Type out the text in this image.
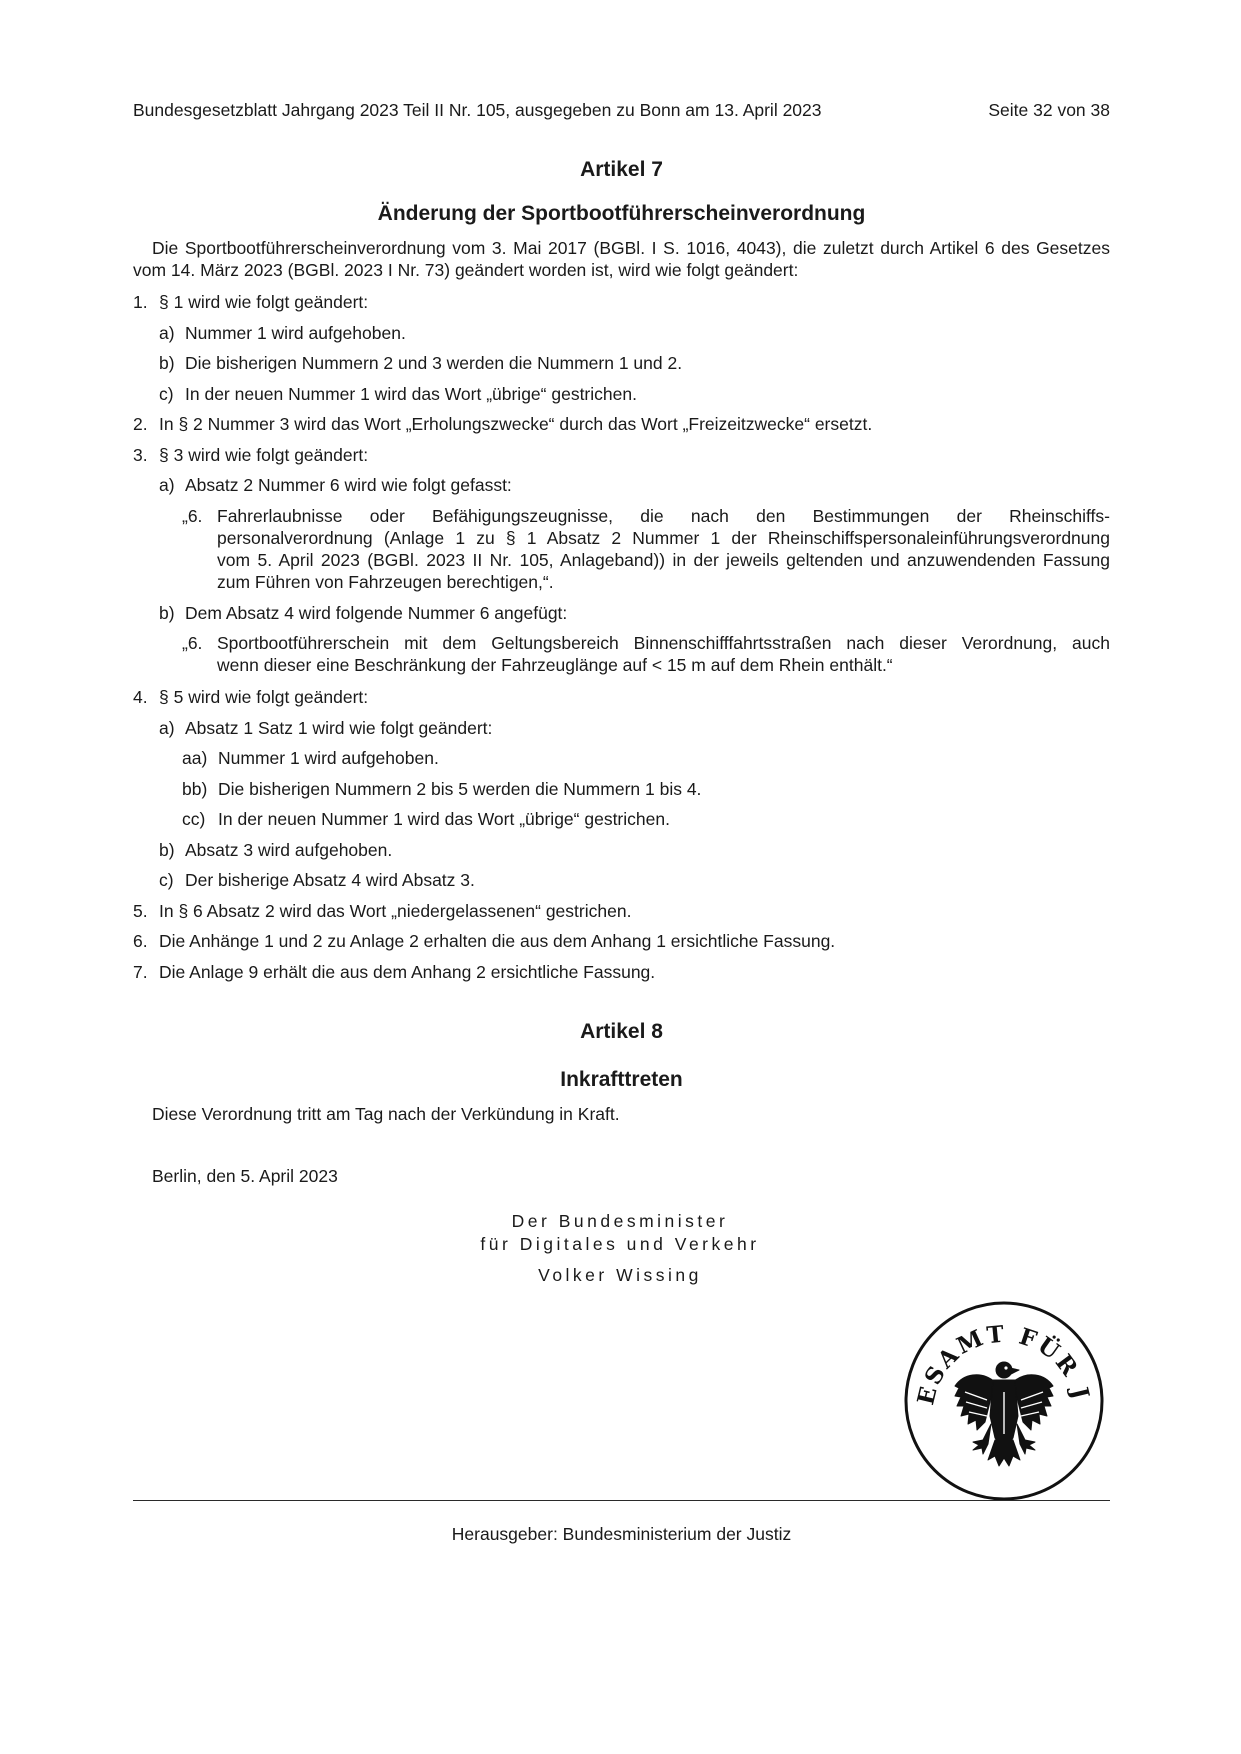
Bundesgesetzblatt Jahrgang 2023 Teil II Nr. 105, ausgegeben zu Bonn am 13. April 2023	Seite 32 von 38
Artikel 7
Änderung der Sportbootführerscheinverordnung
Die Sportbootführerscheinverordnung vom 3. Mai 2017 (BGBl. I S. 1016, 4043), die zuletzt durch Artikel 6 des Gesetzes vom 14. März 2023 (BGBl. 2023 I Nr. 73) geändert worden ist, wird wie folgt geändert:
1. § 1 wird wie folgt geändert:
a) Nummer 1 wird aufgehoben.
b) Die bisherigen Nummern 2 und 3 werden die Nummern 1 und 2.
c) In der neuen Nummer 1 wird das Wort „übrige“ gestrichen.
2. In § 2 Nummer 3 wird das Wort „Erholungszwecke“ durch das Wort „Freizeitzwecke“ ersetzt.
3. § 3 wird wie folgt geändert:
a) Absatz 2 Nummer 6 wird wie folgt gefasst:
„6. Fahrerlaubnisse oder Befähigungszeugnisse, die nach den Bestimmungen der Rheinschiffs-
personalverordnung (Anlage 1 zu § 1 Absatz 2 Nummer 1 der Rheinschiffspersonaleinführungsverordnung
vom 5. April 2023 (BGBl. 2023 II Nr. 105, Anlageband)) in der jeweils geltenden und anzuwendenden Fassung
zum Führen von Fahrzeugen berechtigen,“.
b) Dem Absatz 4 wird folgende Nummer 6 angefügt:
„6. Sportbootführerschein mit dem Geltungsbereich Binnenschifffahrtsstraßen nach dieser Verordnung, auch
wenn dieser eine Beschränkung der Fahrzeuglänge auf < 15 m auf dem Rhein enthält.“
4. § 5 wird wie folgt geändert:
a) Absatz 1 Satz 1 wird wie folgt geändert:
aa) Nummer 1 wird aufgehoben.
bb) Die bisherigen Nummern 2 bis 5 werden die Nummern 1 bis 4.
cc) In der neuen Nummer 1 wird das Wort „übrige“ gestrichen.
b) Absatz 3 wird aufgehoben.
c) Der bisherige Absatz 4 wird Absatz 3.
5. In § 6 Absatz 2 wird das Wort „niedergelassenen“ gestrichen.
6. Die Anhänge 1 und 2 zu Anlage 2 erhalten die aus dem Anhang 1 ersichtliche Fassung.
7. Die Anlage 9 erhält die aus dem Anhang 2 ersichtliche Fassung.
Artikel 8
Inkrafttreten
Diese Verordnung tritt am Tag nach der Verkündung in Kraft.
Berlin, den 5. April 2023
Der Bundesminister
für Digitales und Verkehr
Volker Wissing
ESAMT FÜR J
Herausgeber: Bundesministerium der Justiz
